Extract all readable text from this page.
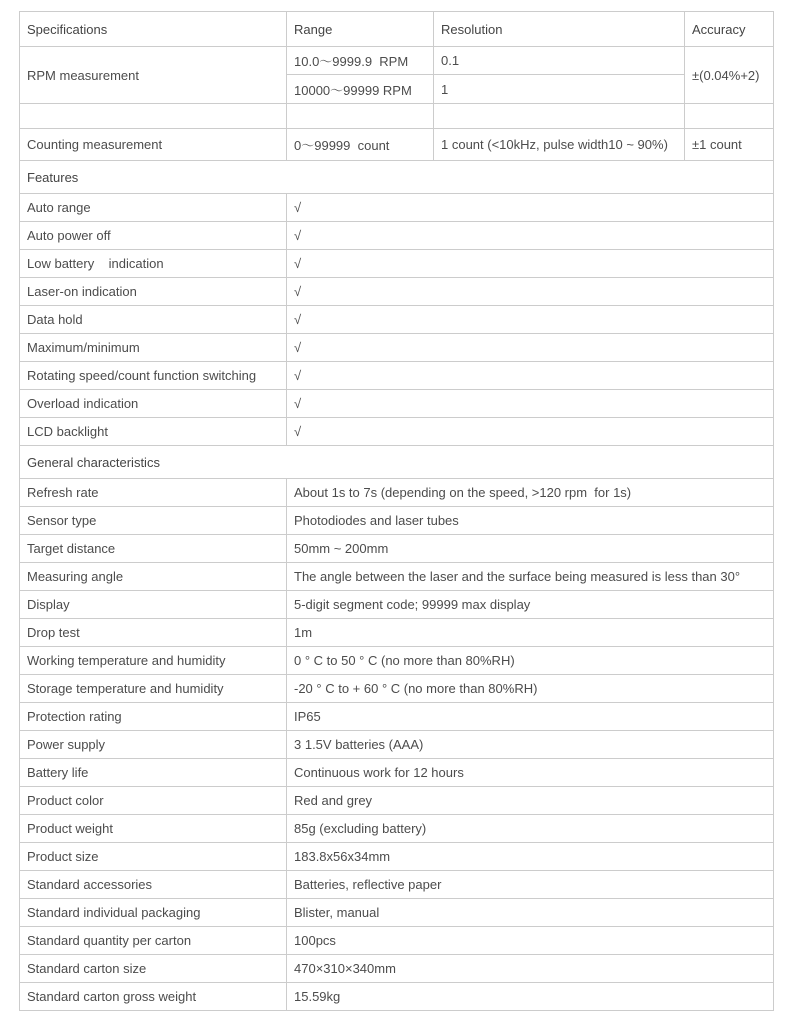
Specifications	Range	Resolution	Accuracy
RPM measurement	10.0～9999.9  RPM	0.1	±(0.04%+2)
	10000～99999 RPM	1	

Counting measurement	0～99999  count	1 count (<10kHz, pulse width10 ~ 90%)	±1 count
Features			
Auto range	√		
Auto power off	√		
Low battery    indication	√		
Laser-on indication	√		
Data hold	√		
Maximum/minimum	√		
Rotating speed/count function switching	√		
Overload indication	√		
LCD backlight	√		
General characteristics			
Refresh rate	About 1s to 7s (depending on the speed, >120 rpm  for 1s)		
Sensor type	Photodiodes and laser tubes		
Target distance	50mm ~ 200mm		
Measuring angle	The angle between the laser and the surface being measured is less than 30°		
Display	5-digit segment code; 99999 max display		
Drop test	1m		
Working temperature and humidity	0 ° C to 50 ° C (no more than 80%RH)		
Storage temperature and humidity	-20 ° C to + 60 ° C (no more than 80%RH)		
Protection rating	IP65		
Power supply	3 1.5V batteries (AAA)		
Battery life	Continuous work for 12 hours		
Product color	Red and grey		
Product weight	85g (excluding battery)		
Product size	183.8x56x34mm		
Standard accessories	Batteries, reflective paper		
Standard individual packaging	Blister, manual		
Standard quantity per carton	100pcs		
Standard carton size	470×310×340mm		
Standard carton gross weight	15.59kg		
